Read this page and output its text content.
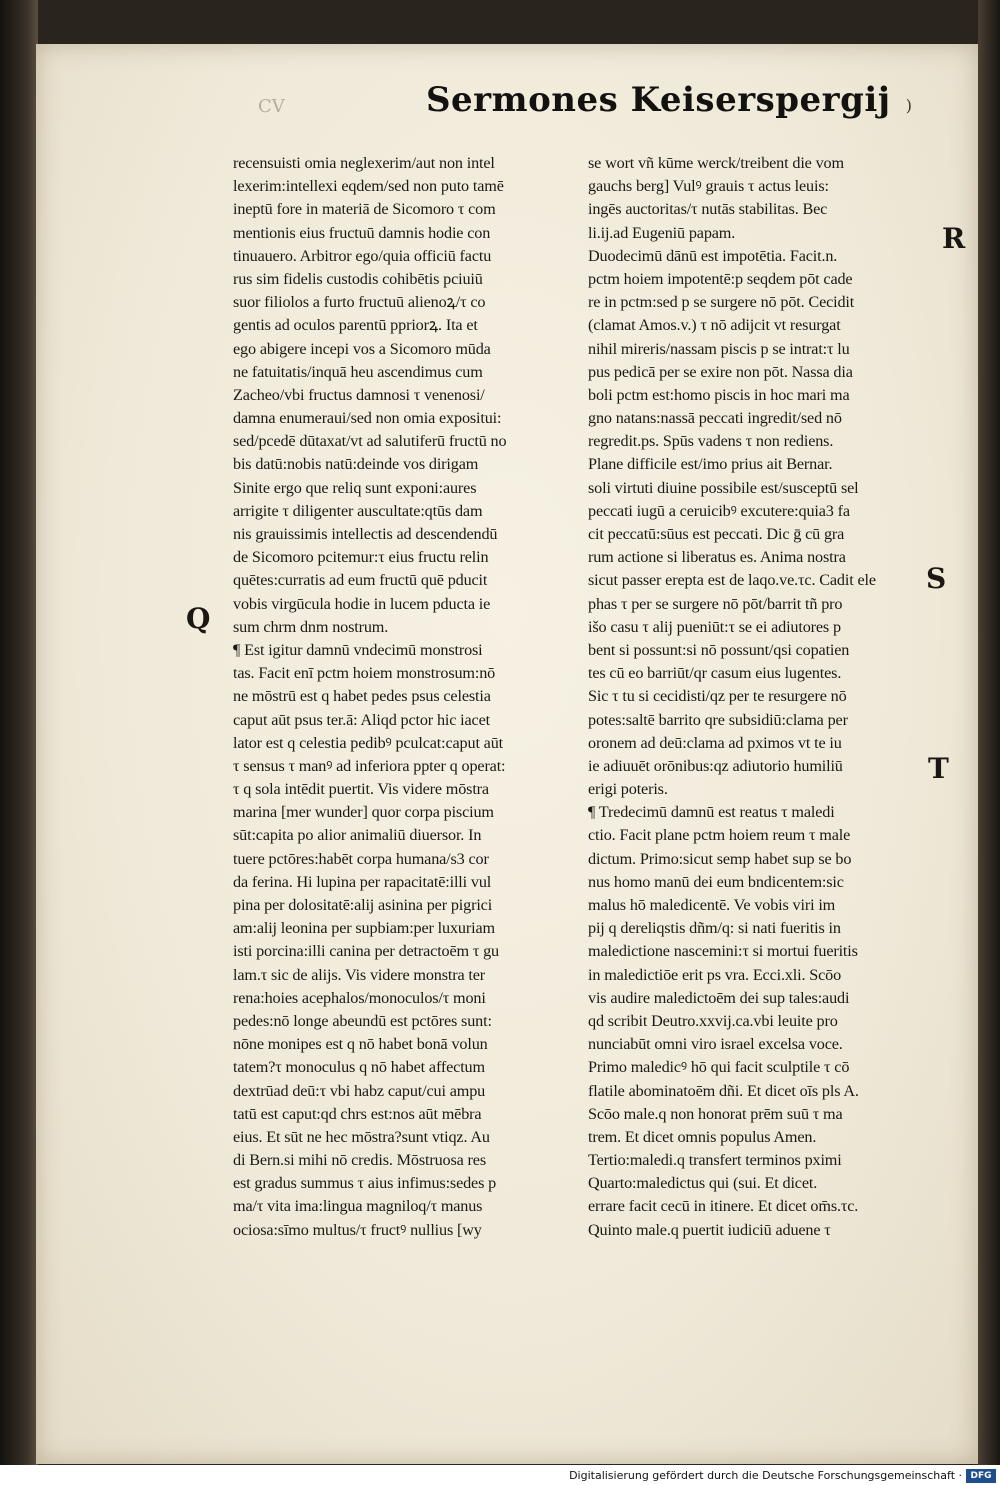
CV	Sermones Keiserspergij )
recensuisti omia neglexerim/aut non intel
lexerim:intellexi eqdem/sed non puto tamē
ineptū fore in materiā de Sicomoro τ com
mentionis eius fructuū damnis hodie con
tinuauero. Arbitror ego/quia officiū factu
rus sim fidelis custodis cohibētis pciuiū
suor filiolos a furto fructuū alienoꝝ/τ co
gentis ad oculos parentū ppriorꝝ. Ita et
ego abigere incepi vos a Sicomoro mūda
ne fatuitatis/inquā heu ascendimus cum
Zacheo/vbi fructus damnosi τ venenosi/
damna enumeraui/sed non omia expositui:
sed/pcedē dūtaxat/vt ad salutiferū fructū no
bis datū:nobis natū:deinde vos dirigam
Sinite ergo que reliq sunt exponi:aures
arrigite τ diligenter auscultate:qtūs dam
nis grauissimis intellectis ad descendendū
de Sicomoro pcitemur:τ eius fructu relin
quētes:curratis ad eum fructū quē pducit
vobis virgūcula hodie in lucem pducta ie
sum chrm dnm nostrum.
¶ Est igitur damnū vndecimū monstrosi
tas. Facit enī pctm hoiem monstrosum:nō
ne mōstrū est q habet pedes psus celestia
caput aūt psus ter.ā: Aliqd pctor hic iacet
lator est q celestia pedibꝰ pculcat:caput aūt
τ sensus τ manꝰ ad inferiora ppter q operat:
τ q sola intēdit puertit. Vis videre mōstra
marina [mer wunder] quor corpa piscium
sūt:capita po alior animaliū diuersor. In
tuere pctōres:habēt corpa humana/s3 cor
da ferina. Hi lupina per rapacitatē:illi vul
pina per dolositatē:alij asinina per pigrici
am:alij leonina per supbiam:per luxuriam
isti porcina:illi canina per detractoēm τ gu
lam.τ sic de alijs. Vis videre monstra ter
rena:hoies acephalos/monoculos/τ moni
pedes:nō longe abeundū est pctōres sunt:
nōne monipes est q nō habet bonā volun
tatem?τ monoculus q nō habet affectum
dextrūad deū:τ vbi habz caput/cui ampu
tatū est caput:qd chrs est:nos aūt mēbra
eius. Et sūt ne hec mōstra?sunt vtiqz. Au
di Bern.si mihi nō credis. Mōstruosa res
est gradus summus τ aius infimus:sedes p
ma/τ vita ima:lingua magniloq/τ manus
ociosa:sīmo multus/τ fructꝰ nullius [wy
se wort vñ kūme werck/treibent die vom
gauchs berg] Vulꝰ grauis τ actus leuis:
ingēs auctoritas/τ nutās stabilitas. Bec
li.ij.ad Eugeniū papam.
Duodecimū dānū est impotētia. Facit.n.
pctm hoiem impotentē:p seqdem pōt cade
re in pctm:sed p se surgere nō pōt. Cecidit
(clamat Amos.v.) τ nō adijcit vt resurgat
nihil mireris/nassam piscis p se intrat:τ lu
pus pedicā per se exire non pōt. Nassa dia
boli pctm est:homo piscis in hoc mari ma
gno natans:nassā peccati ingredit/sed nō
regredit.ps. Spūs vadens τ non rediens.
Plane difficile est/imo prius ait Bernar.
soli virtuti diuine possibile est/susceptū sel
peccati iugū a ceruicibꝰ excutere:quia3 fa
cit peccatū:sūus est peccati. Dic ḡ cū gra
rum actione si liberatus es. Anima nostra
sicut passer erepta est de laqo.ve.τc. Cadit ele
phas τ per se surgere nō pōt/barrit tñ pro
išo casu τ alij pueniūt:τ se ei adiutores p
bent si possunt:si nō possunt/qsi copatien
tes cū eo barriūt/qr casum eius lugentes.
Sic τ tu si cecidisti/qz per te resurgere nō
potes:saltē barrito qre subsidiū:clama per
oronem ad deū:clama ad pximos vt te iu
ie adiuuēt orōnibus:qz adiutorio humiliū
erigi poteris.
¶ Tredecimū damnū est reatus τ maledi
ctio. Facit plane pctm hoiem reum τ male
dictum. Primo:sicut semp habet sup se bo
nus homo manū dei eum bndicentem:sic
malus hō maledicentē. Ve vobis viri im
pij q dereliqstis dñm/q: si nati fueritis in
maledictione nascemini:τ si mortui fueritis
in maledictiōe erit ps vra. Ecci.xli. Scōo
vis audire maledictoēm dei sup tales:audi
qd scribit Deutro.xxvij.ca.vbi leuite pro
nunciabūt omni viro israel excelsa voce.
Primo maledicꝰ hō qui facit sculptile τ cō
flatile abominatoēm dñi. Et dicet oīs pls A.
Scōo male.q non honorat prēm suū τ ma
trem. Et dicet omnis populus Amen.
Tertio:maledi.q transfert terminos pximi
Quarto:maledictus qui (sui. Et dicet.
errare facit cecū in itinere. Et dicet om̄s.τc.
Quinto male.q puertit iudiciū aduene τ
Q
R
S
T
Digitalisierung gefördert durch die Deutsche Forschungsgemeinschaft · DFG
